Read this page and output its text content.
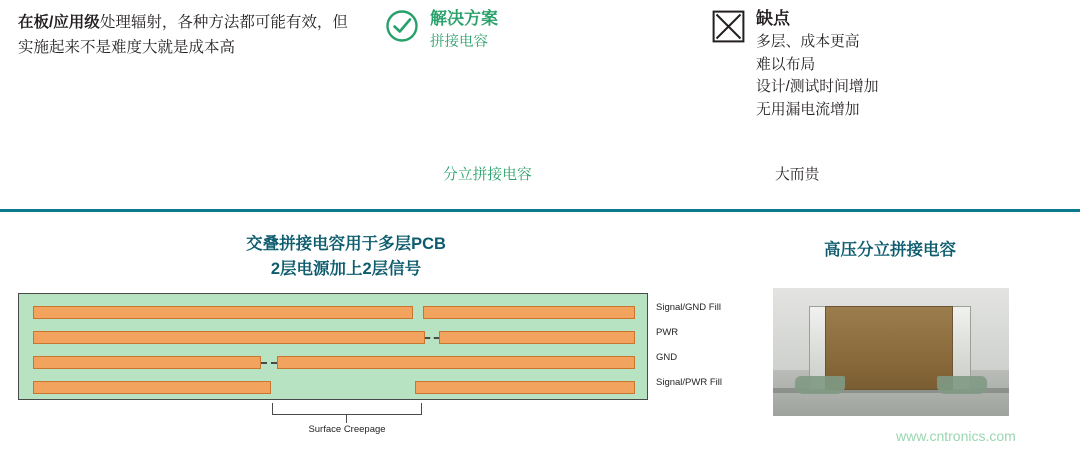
在板/应用级处理辐射，各种方法都可能有效，但实施起来不是难度大就是成本高
解决方案
拼接电容
缺点
多层、成本更高
难以布局
设计/测试时间增加
无用漏电流增加
分立拼接电容	大而贵
交叠拼接电容用于多层PCB
2层电源加上2层信号
高压分立拼接电容
Signal/GND Fill
PWR
GND
Signal/PWR Fill
Surface Creepage	www.cntronics.com
